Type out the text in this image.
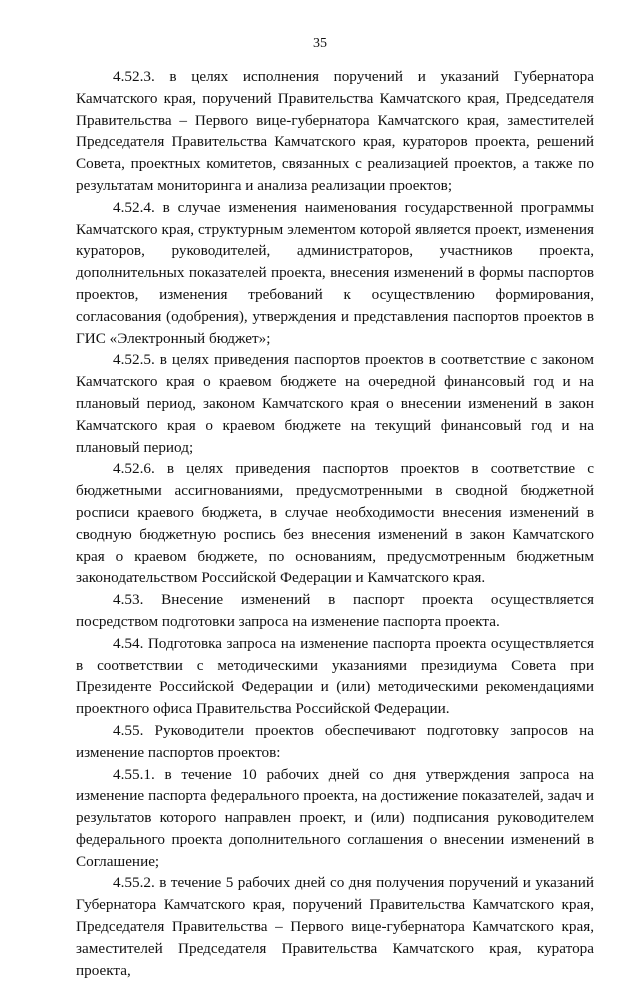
35

4.52.3. в целях исполнения поручений и указаний Губернатора Камчатского края, поручений Правительства Камчатского края, Председателя Правительства – Первого вице-губернатора Камчатского края, заместителей Председателя Правительства Камчатского края, кураторов проекта, решений Совета, проектных комитетов, связанных с реализацией проектов, а также по результатам мониторинга и анализа реализации проектов;

4.52.4. в случае изменения наименования государственной программы Камчатского края, структурным элементом которой является проект, изменения кураторов, руководителей, администраторов, участников проекта, дополнительных показателей проекта, внесения изменений в формы паспортов проектов, изменения требований к осуществлению формирования, согласования (одобрения), утверждения и представления паспортов проектов в ГИС «Электронный бюджет»;

4.52.5. в целях приведения паспортов проектов в соответствие с законом Камчатского края о краевом бюджете на очередной финансовый год и на плановый период, законом Камчатского края о внесении изменений в закон Камчатского края о краевом бюджете на текущий финансовый год и на плановый период;

4.52.6. в целях приведения паспортов проектов в соответствие с бюджетными ассигнованиями, предусмотренными в сводной бюджетной росписи краевого бюджета, в случае необходимости внесения изменений в сводную бюджетную роспись без внесения изменений в закон Камчатского края о краевом бюджете, по основаниям, предусмотренным бюджетным законодательством Российской Федерации и Камчатского края.

4.53. Внесение изменений в паспорт проекта осуществляется посредством подготовки запроса на изменение паспорта проекта.

4.54. Подготовка запроса на изменение паспорта проекта осуществляется в соответствии с методическими указаниями президиума Совета при Президенте Российской Федерации и (или) методическими рекомендациями проектного офиса Правительства Российской Федерации.

4.55. Руководители проектов обеспечивают подготовку запросов на изменение паспортов проектов:

4.55.1. в течение 10 рабочих дней со дня утверждения запроса на изменение паспорта федерального проекта, на достижение показателей, задач и результатов которого направлен проект, и (или) подписания руководителем федерального проекта дополнительного соглашения о внесении изменений в Соглашение;

4.55.2. в течение 5 рабочих дней со дня получения поручений и указаний Губернатора Камчатского края, поручений Правительства Камчатского края, Председателя Правительства – Первого вице-губернатора Камчатского края, заместителей Председателя Правительства Камчатского края, куратора проекта,
